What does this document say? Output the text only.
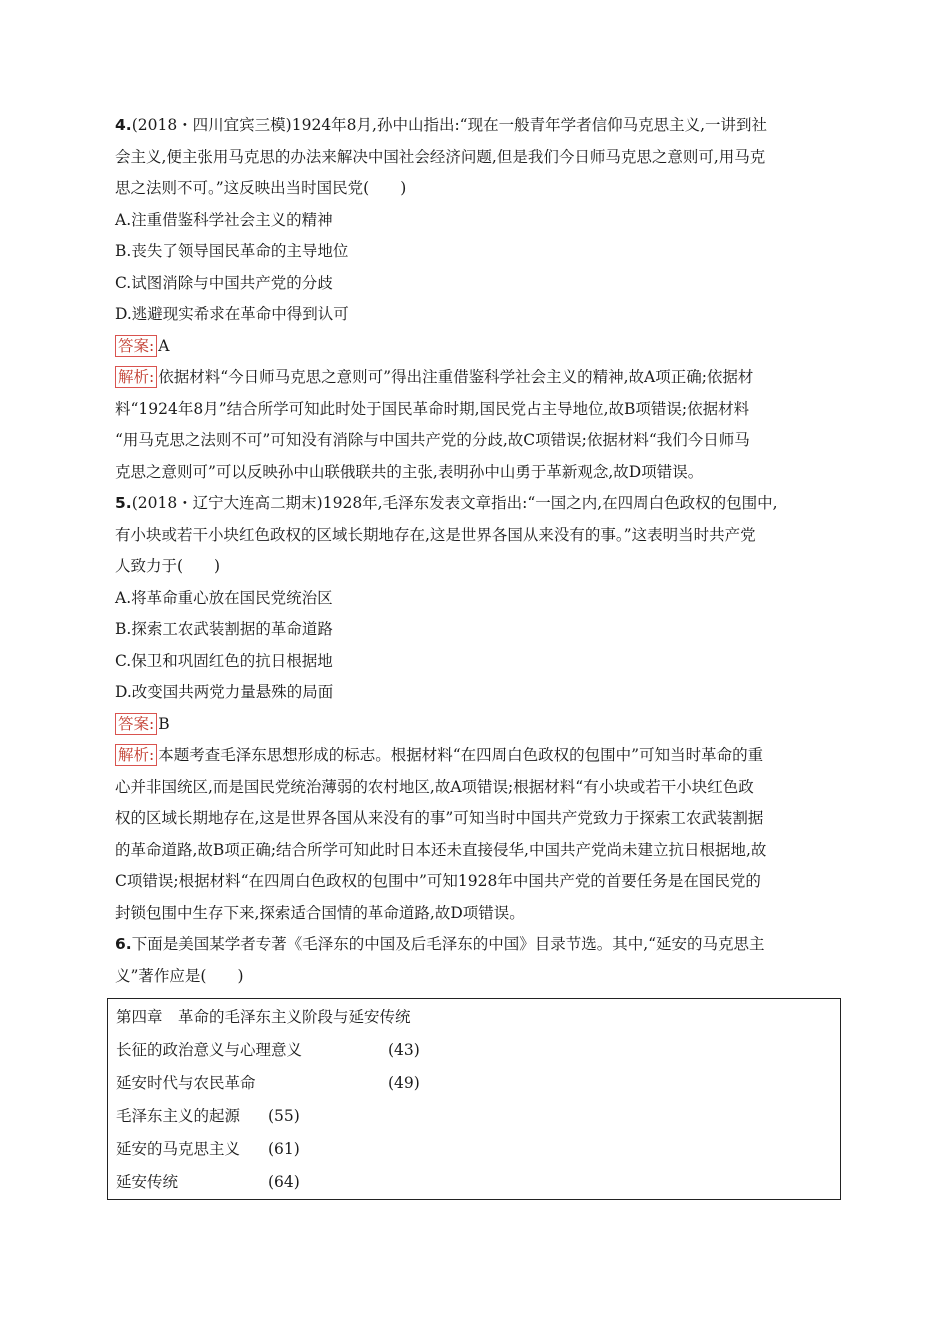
4.(2018・四川宜宾三模)1924年8月,孙中山指出:“现在一般青年学者信仰马克思主义,一讲到社

会主义,便主张用马克思的办法来解决中国社会经济问题,但是我们今日师马克思之意则可,用马克

思之法则不可。”这反映出当时国民党(　　)

A.注重借鉴科学社会主义的精神

B.丧失了领导国民革命的主导地位

C.试图消除与中国共产党的分歧

D.逃避现实希求在革命中得到认可

答案: A

解析: 依据材料“今日师马克思之意则可”得出注重借鉴科学社会主义的精神,故A项正确;依据材

料“1924年8月”结合所学可知此时处于国民革命时期,国民党占主导地位,故B项错误;依据材料

“用马克思之法则不可”可知没有消除与中国共产党的分歧,故C项错误;依据材料“我们今日师马

克思之意则可”可以反映孙中山联俄联共的主张,表明孙中山勇于革新观念,故D项错误。

5.(2018・辽宁大连高二期末)1928年,毛泽东发表文章指出:“一国之内,在四周白色政权的包围中,

有小块或若干小块红色政权的区域长期地存在,这是世界各国从来没有的事。”这表明当时共产党

人致力于(　　)

A.将革命重心放在国民党统治区

B.探索工农武装割据的革命道路

C.保卫和巩固红色的抗日根据地

D.改变国共两党力量悬殊的局面

答案: B

解析: 本题考查毛泽东思想形成的标志。根据材料“在四周白色政权的包围中”可知当时革命的重

心并非国统区,而是国民党统治薄弱的农村地区,故A项错误;根据材料“有小块或若干小块红色政

权的区域长期地存在,这是世界各国从来没有的事”可知当时中国共产党致力于探索工农武装割据

的革命道路,故B项正确;结合所学可知此时日本还未直接侵华,中国共产党尚未建立抗日根据地,故

C项错误;根据材料“在四周白色政权的包围中”可知1928年中国共产党的首要任务是在国民党的

封锁包围中生存下来,探索适合国情的革命道路,故D项错误。

6.下面是美国某学者专著《毛泽东的中国及后毛泽东的中国》目录节选。其中,“延安的马克思主

义”著作应是(　　)

第四章　革命的毛泽东主义阶段与延安传统
长征的政治意义与心理意义	(43)
延安时代与农民革命	(49)
毛泽东主义的起源	(55)
延安的马克思主义	(61)
延安传统	(64)
